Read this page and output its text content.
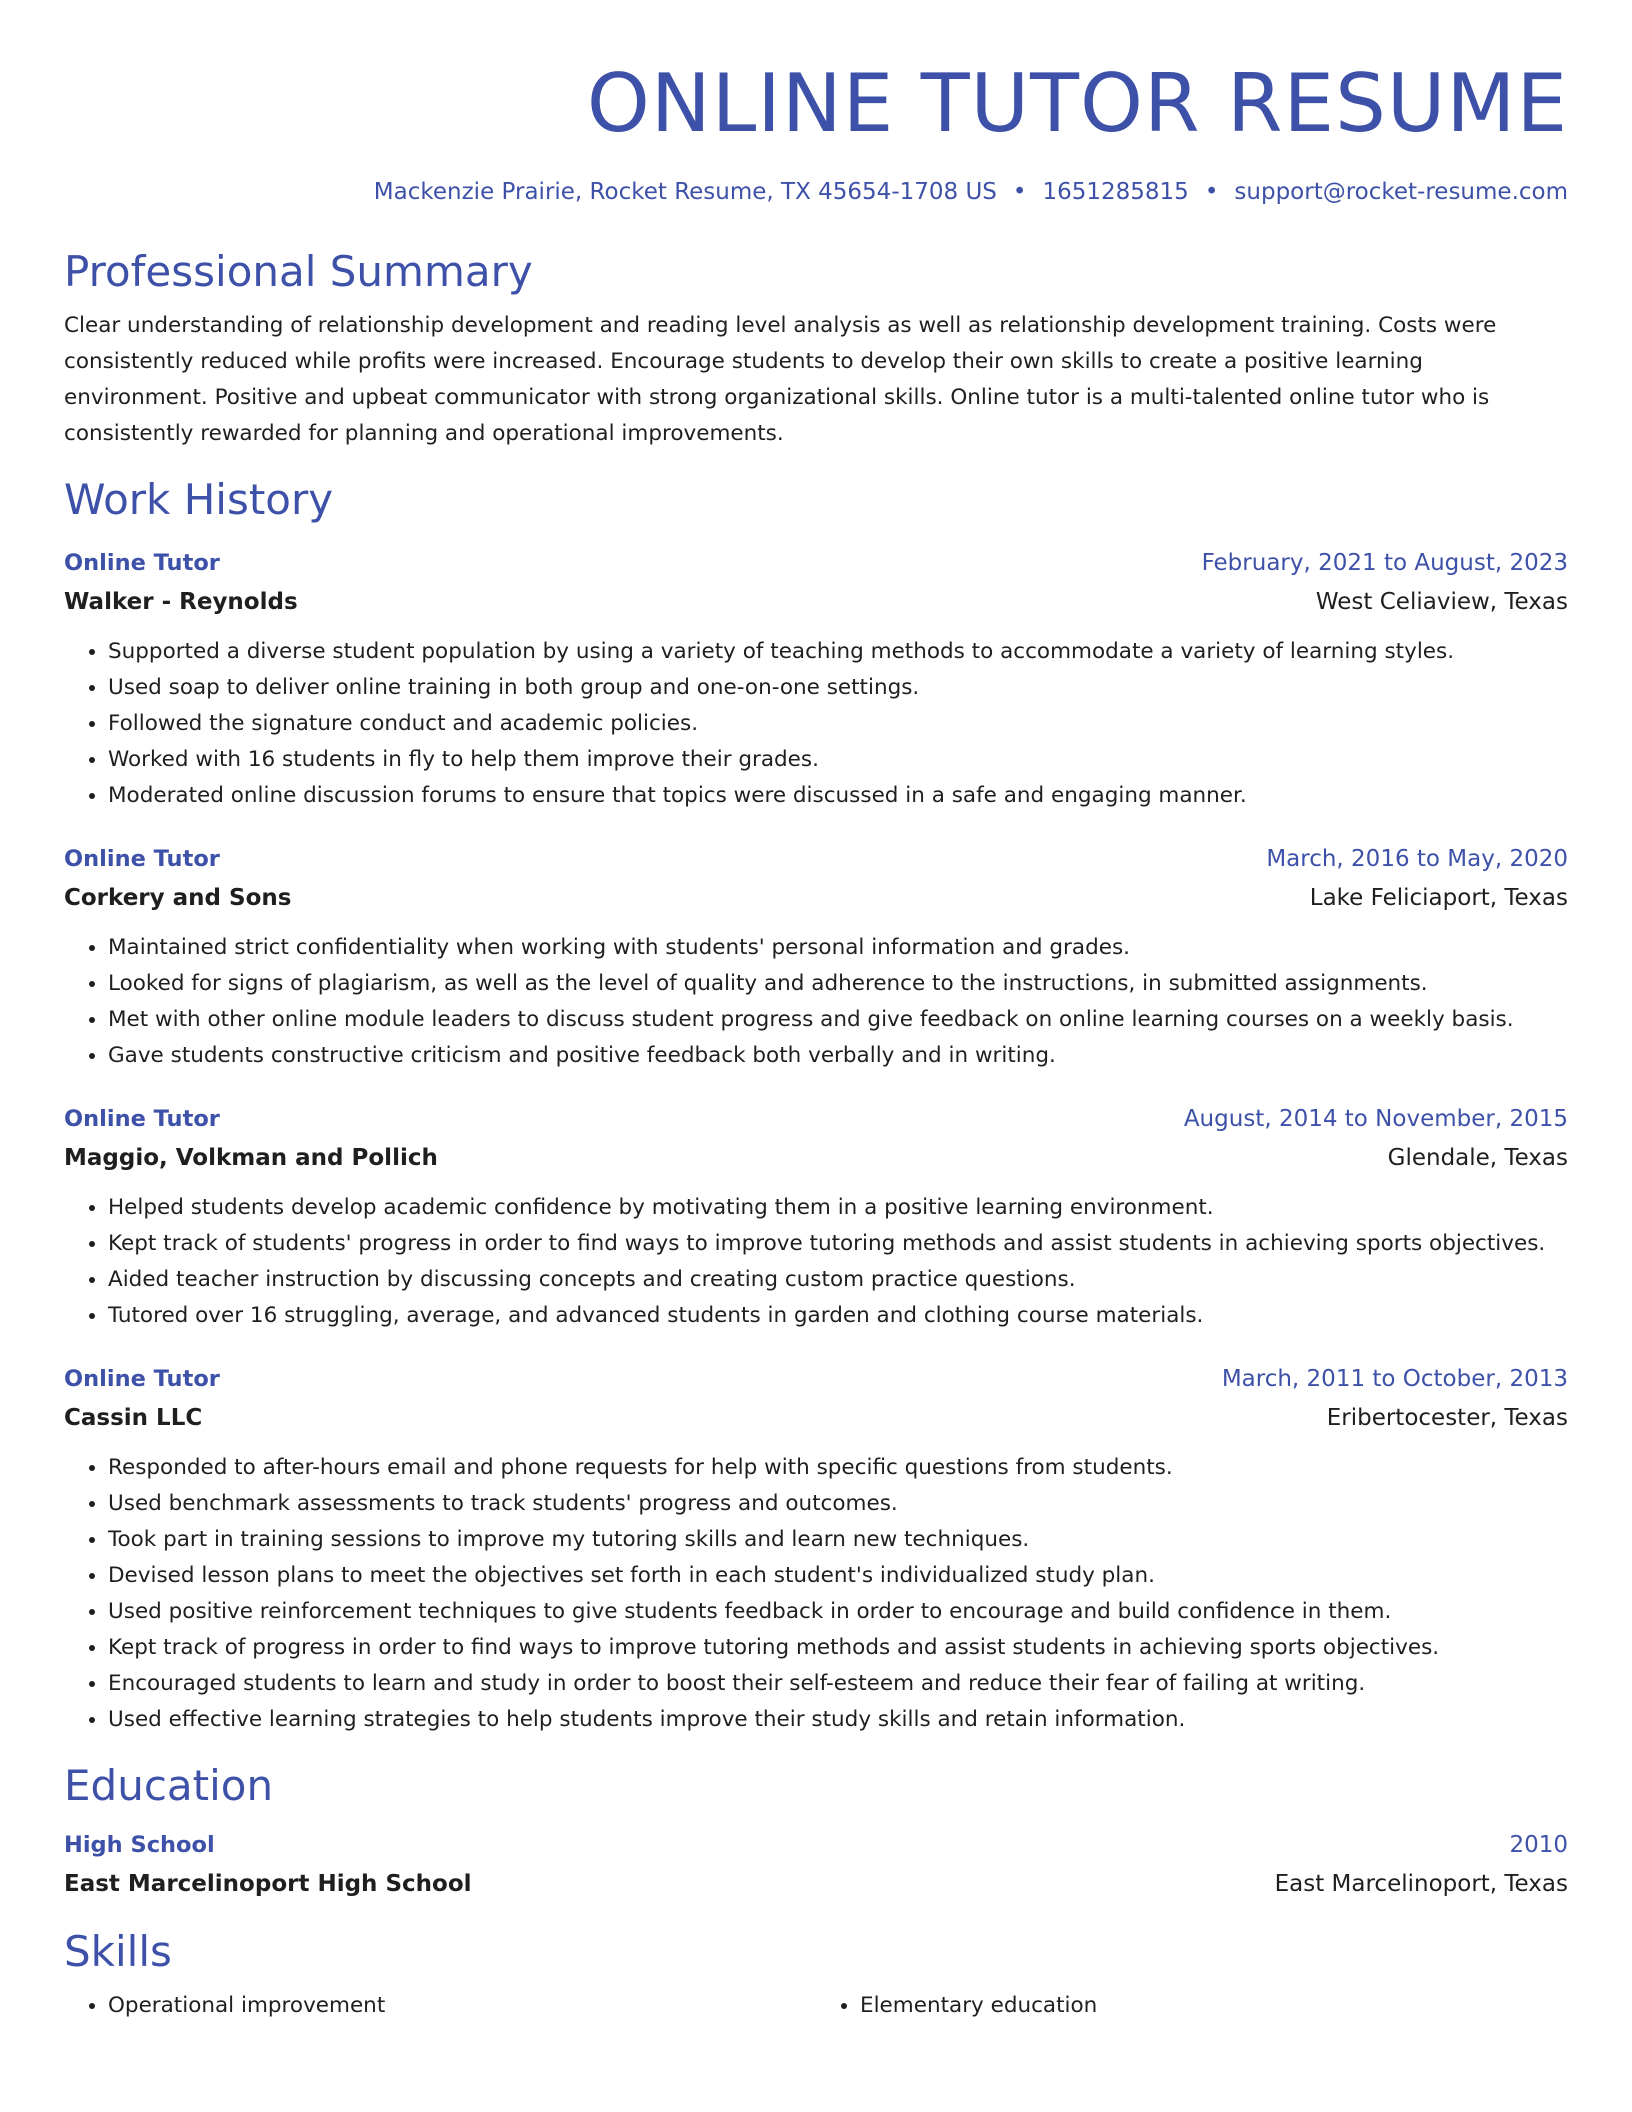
ONLINE TUTOR RESUME
Mackenzie Prairie, Rocket Resume, TX 45654-1708 US • 1651285815 • support@rocket-resume.com
Professional Summary
Clear understanding of relationship development and reading level analysis as well as relationship development training. Costs were consistently reduced while profits were increased. Encourage students to develop their own skills to create a positive learning environment. Positive and upbeat communicator with strong organizational skills. Online tutor is a multi-talented online tutor who is consistently rewarded for planning and operational improvements.
Work History
Online Tutor	February, 2021 to August, 2023
Walker - Reynolds	West Celiaview, Texas
• Supported a diverse student population by using a variety of teaching methods to accommodate a variety of learning styles.
• Used soap to deliver online training in both group and one-on-one settings.
• Followed the signature conduct and academic policies.
• Worked with 16 students in fly to help them improve their grades.
• Moderated online discussion forums to ensure that topics were discussed in a safe and engaging manner.
Online Tutor	March, 2016 to May, 2020
Corkery and Sons	Lake Feliciaport, Texas
• Maintained strict confidentiality when working with students' personal information and grades.
• Looked for signs of plagiarism, as well as the level of quality and adherence to the instructions, in submitted assignments.
• Met with other online module leaders to discuss student progress and give feedback on online learning courses on a weekly basis.
• Gave students constructive criticism and positive feedback both verbally and in writing.
Online Tutor	August, 2014 to November, 2015
Maggio, Volkman and Pollich	Glendale, Texas
• Helped students develop academic confidence by motivating them in a positive learning environment.
• Kept track of students' progress in order to find ways to improve tutoring methods and assist students in achieving sports objectives.
• Aided teacher instruction by discussing concepts and creating custom practice questions.
• Tutored over 16 struggling, average, and advanced students in garden and clothing course materials.
Online Tutor	March, 2011 to October, 2013
Cassin LLC	Eribertocester, Texas
• Responded to after-hours email and phone requests for help with specific questions from students.
• Used benchmark assessments to track students' progress and outcomes.
• Took part in training sessions to improve my tutoring skills and learn new techniques.
• Devised lesson plans to meet the objectives set forth in each student's individualized study plan.
• Used positive reinforcement techniques to give students feedback in order to encourage and build confidence in them.
• Kept track of progress in order to find ways to improve tutoring methods and assist students in achieving sports objectives.
• Encouraged students to learn and study in order to boost their self-esteem and reduce their fear of failing at writing.
• Used effective learning strategies to help students improve their study skills and retain information.
Education
High School	2010
East Marcelinoport High School	East Marcelinoport, Texas
Skills
• Operational improvement
•	Elementary education
